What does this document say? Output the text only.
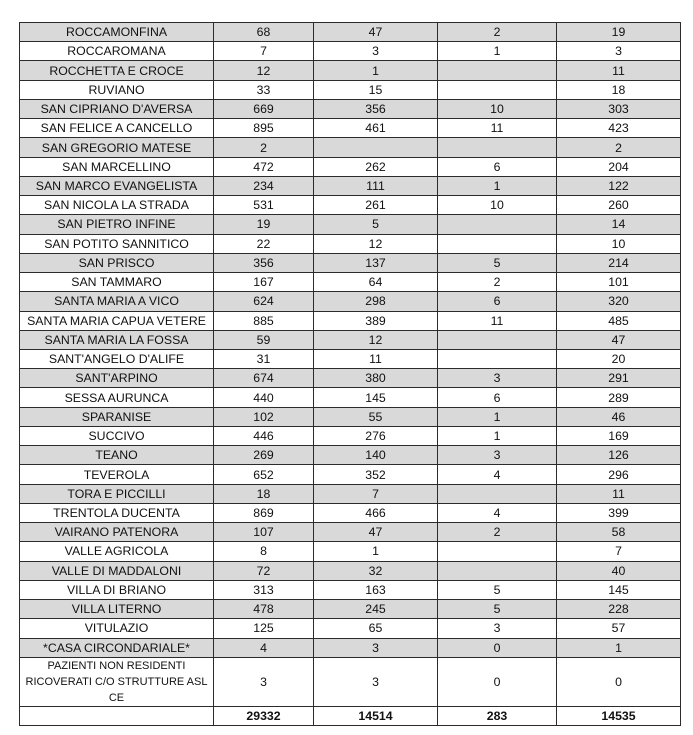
ROCCAMONFINA	68	47	2	19
ROCCAROMANA	7	3	1	3
ROCCHETTA E CROCE	12	1		11
RUVIANO	33	15		18
SAN CIPRIANO D'AVERSA	669	356	10	303
SAN FELICE A CANCELLO	895	461	11	423
SAN GREGORIO MATESE	2			2
SAN MARCELLINO	472	262	6	204
SAN MARCO EVANGELISTA	234	111	1	122
SAN NICOLA LA STRADA	531	261	10	260
SAN PIETRO INFINE	19	5		14
SAN POTITO SANNITICO	22	12		10
SAN PRISCO	356	137	5	214
SAN TAMMARO	167	64	2	101
SANTA MARIA A VICO	624	298	6	320
SANTA MARIA CAPUA VETERE	885	389	11	485
SANTA MARIA LA FOSSA	59	12		47
SANT'ANGELO D'ALIFE	31	11		20
SANT'ARPINO	674	380	3	291
SESSA AURUNCA	440	145	6	289
SPARANISE	102	55	1	46
SUCCIVO	446	276	1	169
TEANO	269	140	3	126
TEVEROLA	652	352	4	296
TORA E PICCILLI	18	7		11
TRENTOLA DUCENTA	869	466	4	399
VAIRANO PATENORA	107	47	2	58
VALLE AGRICOLA	8	1		7
VALLE DI MADDALONI	72	32		40
VILLA DI BRIANO	313	163	5	145
VILLA LITERNO	478	245	5	228
VITULAZIO	125	65	3	57
*CASA CIRCONDARIALE*	4	3	0	1
PAZIENTI NON RESIDENTI RICOVERATI C/O STRUTTURE ASL CE	3	3	0	0
	29332	14514	283	14535
